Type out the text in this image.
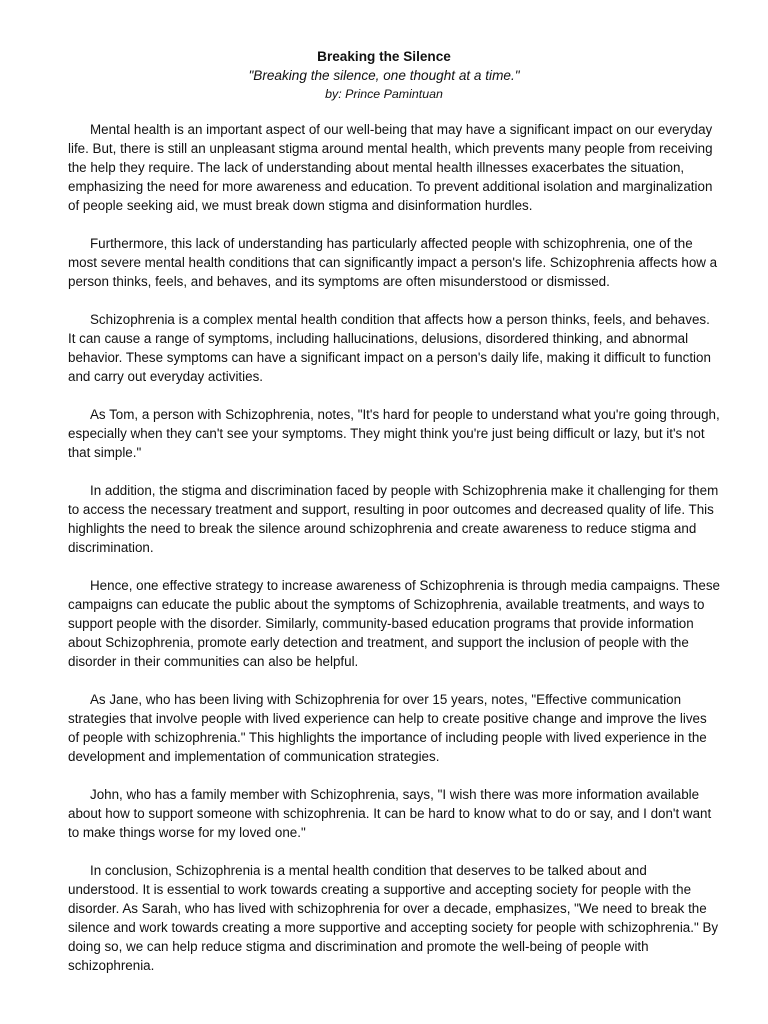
Breaking the Silence

"Breaking the silence, one thought at a time."

by: Prince Pamintuan

Mental health is an important aspect of our well-being that may have a significant impact on our everyday life. But, there is still an unpleasant stigma around mental health, which prevents many people from receiving the help they require. The lack of understanding about mental health illnesses exacerbates the situation, emphasizing the need for more awareness and education. To prevent additional isolation and marginalization of people seeking aid, we must break down stigma and disinformation hurdles.

Furthermore, this lack of understanding has particularly affected people with schizophrenia, one of the most severe mental health conditions that can significantly impact a person's life. Schizophrenia affects how a person thinks, feels, and behaves, and its symptoms are often misunderstood or dismissed.

Schizophrenia is a complex mental health condition that affects how a person thinks, feels, and behaves. It can cause a range of symptoms, including hallucinations, delusions, disordered thinking, and abnormal behavior. These symptoms can have a significant impact on a person's daily life, making it difficult to function and carry out everyday activities.

As Tom, a person with Schizophrenia, notes, "It's hard for people to understand what you're going through, especially when they can't see your symptoms. They might think you're just being difficult or lazy, but it's not that simple."

In addition, the stigma and discrimination faced by people with Schizophrenia make it challenging for them to access the necessary treatment and support, resulting in poor outcomes and decreased quality of life. This highlights the need to break the silence around schizophrenia and create awareness to reduce stigma and discrimination.

Hence, one effective strategy to increase awareness of Schizophrenia is through media campaigns. These campaigns can educate the public about the symptoms of Schizophrenia, available treatments, and ways to support people with the disorder. Similarly, community-based education programs that provide information about Schizophrenia, promote early detection and treatment, and support the inclusion of people with the disorder in their communities can also be helpful.

As Jane, who has been living with Schizophrenia for over 15 years, notes, "Effective communication strategies that involve people with lived experience can help to create positive change and improve the lives of people with schizophrenia." This highlights the importance of including people with lived experience in the development and implementation of communication strategies.

John, who has a family member with Schizophrenia, says, "I wish there was more information available about how to support someone with schizophrenia. It can be hard to know what to do or say, and I don't want to make things worse for my loved one."

In conclusion, Schizophrenia is a mental health condition that deserves to be talked about and understood. It is essential to work towards creating a supportive and accepting society for people with the disorder. As Sarah, who has lived with schizophrenia for over a decade, emphasizes, "We need to break the silence and work towards creating a more supportive and accepting society for people with schizophrenia." By doing so, we can help reduce stigma and discrimination and promote the well-being of people with schizophrenia.
